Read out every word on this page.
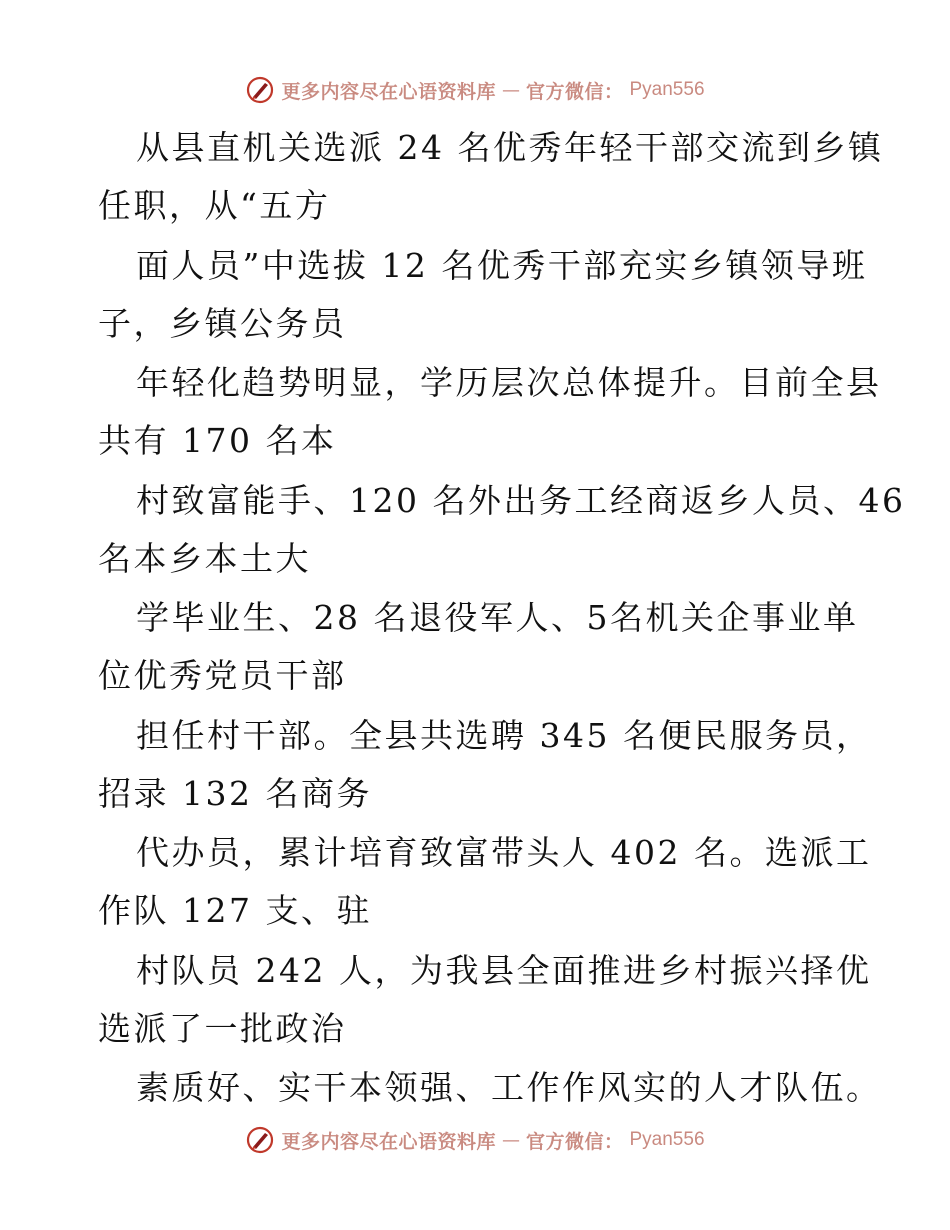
更多内容尽在心语资料库 — 官方微信： Pyan556
从县直机关选派 24 名优秀年轻干部交流到乡镇
任职，从“五方
面人员”中选拔 12 名优秀干部充实乡镇领导班
子，乡镇公务员
年轻化趋势明显，学历层次总体提升。目前全县
共有 170 名本
村致富能手、120 名外出务工经商返乡人员、46
名本乡本土大
学毕业生、28 名退役军人、5名机关企事业单
位优秀党员干部
担任村干部。全县共选聘 345 名便民服务员，
招录 132 名商务
代办员，累计培育致富带头人 402 名。选派工
作队 127 支、驻
村队员 242 人，为我县全面推进乡村振兴择优
选派了一批政治
素质好、实干本领强、工作作风实的人才队伍。
更多内容尽在心语资料库 — 官方微信： Pyan556
